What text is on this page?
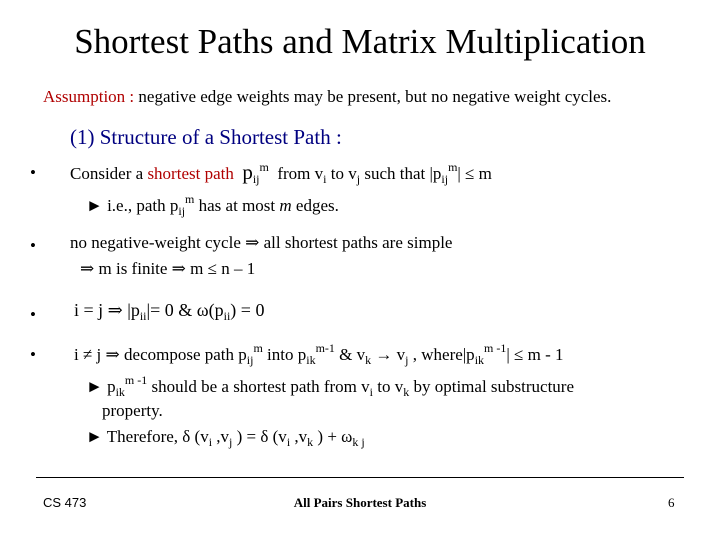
Shortest Paths and Matrix Multiplication
Assumption : negative edge weights may be present, but no negative weight cycles.
(1) Structure of a Shortest Path :
• Consider a shortest path $p_{ij}^m$ from $v_i$ to $v_j$ such that $|p_{ij}^m| \le m$
► i.e., path $p_{ij}^m$ has at most m edges.
• no negative-weight cycle ⇒ all shortest paths are simple
⇒ m is finite ⇒ m ≤ n – 1
• i = j ⇒ $|p_{ii}|= 0$ & $\omega(p_{ii}) = 0$
• i ≠ j ⇒ decompose path $p_{ij}^m$ into $p_{ik}^{m-1}$ & $v_k \to v_j$ , $where|p_{ik}^{m -1}| \le m - 1$
► $p_{ik}^{m -1}$ should be a shortest path from $v_i$ to $v_k$ by optimal substructure
property.
► Therefore, δ ($v_i$ $,v_j$ ) = δ ($v_i$ $,v_k$ ) + $\omega_{k j}$
CS 473	All Pairs Shortest Paths	6
